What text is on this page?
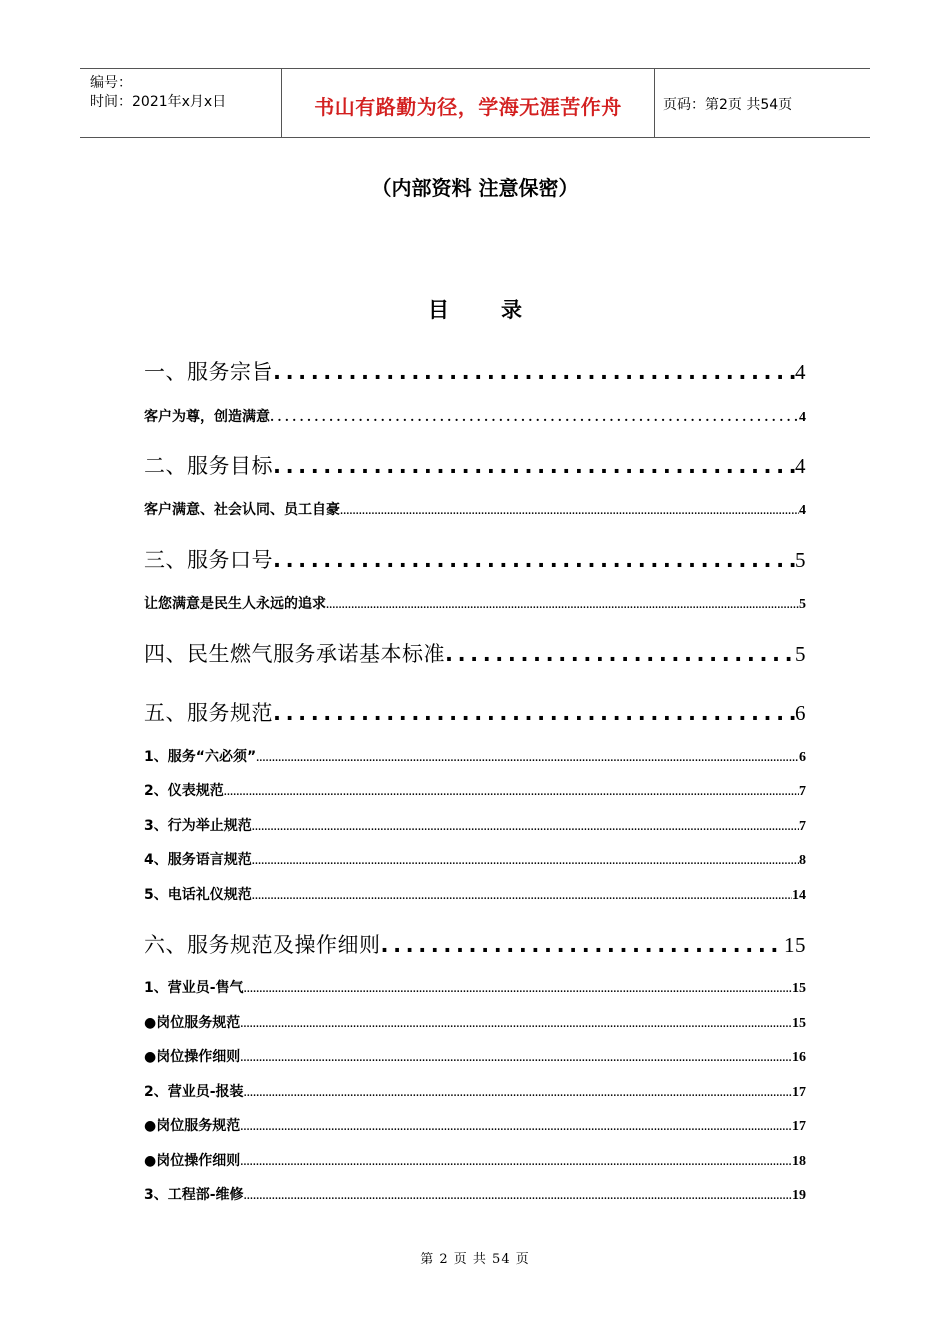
编号：
时间：2021年x月x日	书山有路勤为径，学海无涯苦作舟	页码：第2页 共54页
（内部资料 注意保密）
目 录
一、服务宗旨 .....	4
客户为尊，创造满意 .....	4
二、服务目标 .....	4
客户满意、社会认同、员工自豪 .....	4
三、服务口号 .....	5
让您满意是民生人永远的追求 .....	5
四、民生燃气服务承诺基本标准 .....	5
五、服务规范 .....	6
1、服务“六必须” .....	6
2、仪表规范 .....	7
3、行为举止规范 .....	7
4、服务语言规范 .....	8
5、电话礼仪规范 .....	14
六、服务规范及操作细则 .....	15
1、营业员-售气 .....	15
●岗位服务规范 .....	15
●岗位操作细则 .....	16
2、营业员-报装 .....	17
●岗位服务规范 .....	17
●岗位操作细则 .....	18
3、工程部-维修 .....	19
第 2 页 共 54 页
